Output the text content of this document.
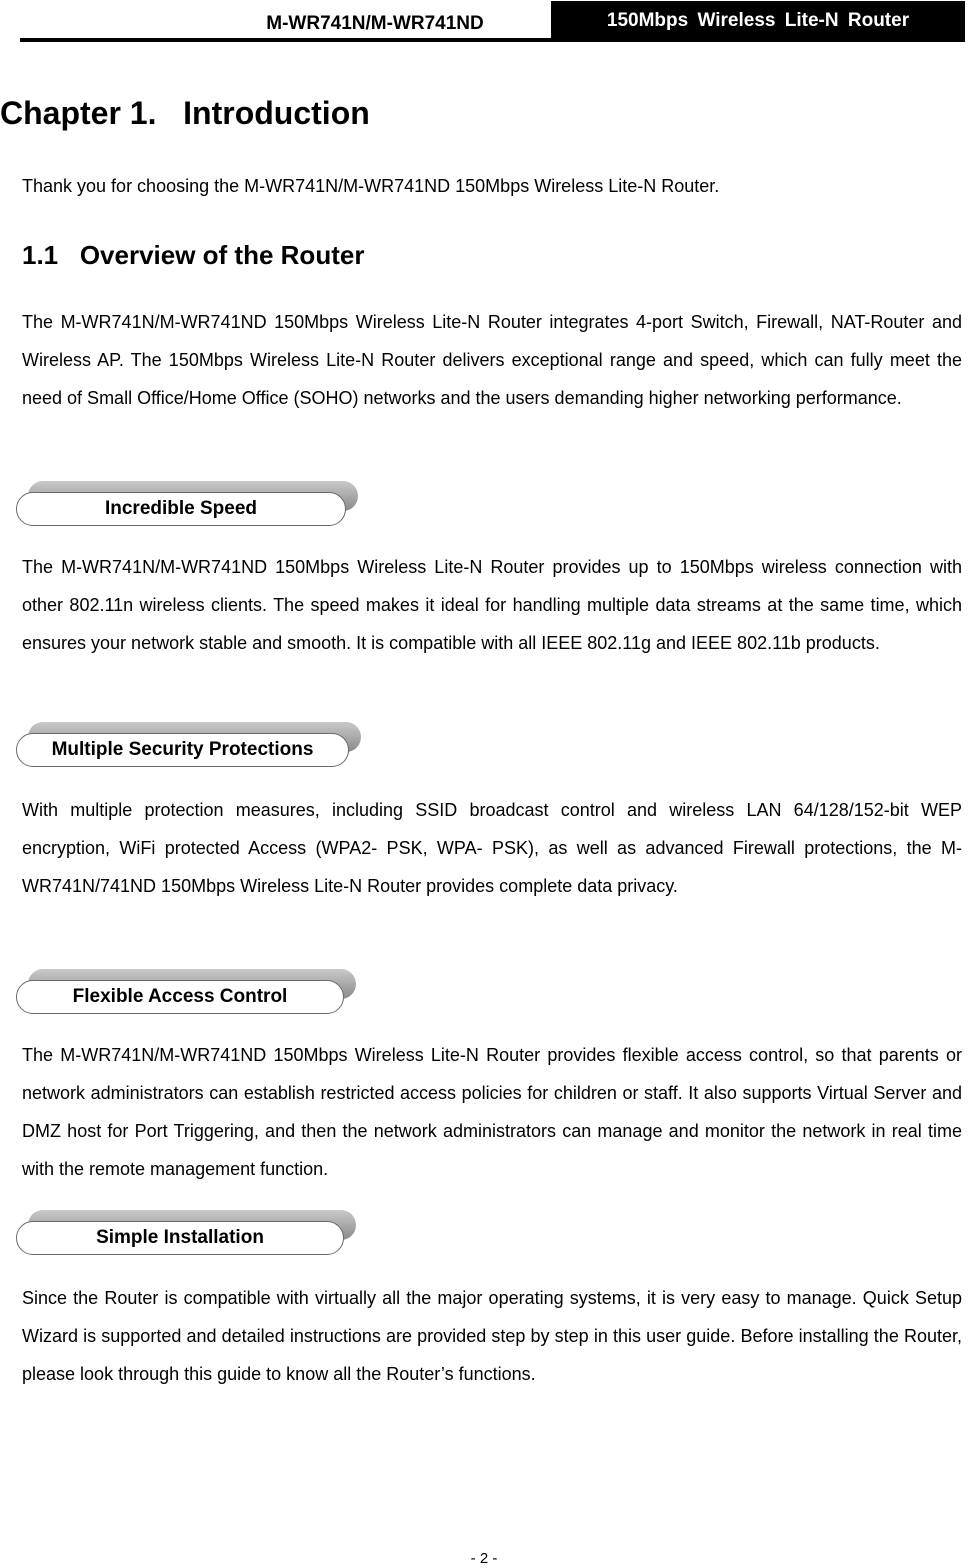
M-WR741N/M-WR741ND	150Mbps Wireless Lite-N Router
Chapter 1.   Introduction

Thank you for choosing the M-WR741N/M-WR741ND 150Mbps Wireless Lite-N Router.

1.1   Overview of the Router

The M-WR741N/M-WR741ND 150Mbps Wireless Lite-N Router integrates 4-port Switch, Firewall, NAT-Router and Wireless AP. The 150Mbps Wireless Lite-N Router delivers exceptional range and speed, which can fully meet the need of Small Office/Home Office (SOHO) networks and the users demanding higher networking performance.

Incredible Speed

The M-WR741N/M-WR741ND 150Mbps Wireless Lite-N Router provides up to 150Mbps wireless connection with other 802.11n wireless clients. The speed makes it ideal for handling multiple data streams at the same time, which ensures your network stable and smooth. It is compatible with all IEEE 802.11g and IEEE 802.11b products.

Multiple Security Protections

With multiple protection measures, including SSID broadcast control and wireless LAN 64/128/152-bit WEP encryption, WiFi protected Access (WPA2- PSK, WPA- PSK), as well as advanced Firewall protections, the M-WR741N/741ND 150Mbps Wireless Lite-N Router provides complete data privacy.

Flexible Access Control

The M-WR741N/M-WR741ND 150Mbps Wireless Lite-N Router provides flexible access control, so that parents or network administrators can establish restricted access policies for children or staff. It also supports Virtual Server and DMZ host for Port Triggering, and then the network administrators can manage and monitor the network in real time with the remote management function.

Simple Installation

Since the Router is compatible with virtually all the major operating systems, it is very easy to manage. Quick Setup Wizard is supported and detailed instructions are provided step by step in this user guide. Before installing the Router, please look through this guide to know all the Router’s functions.

- 2 -
